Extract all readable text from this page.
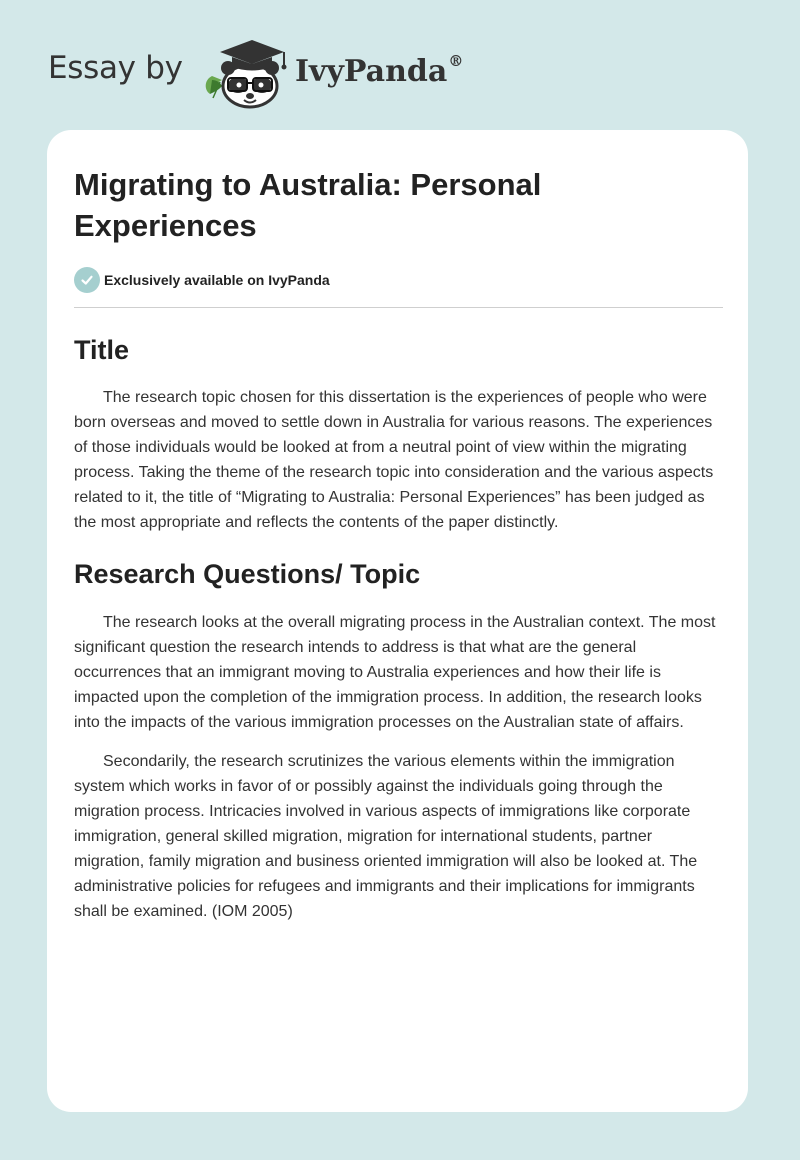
Essay by	IvyPanda®
Migrating to Australia: Personal Experiences
Exclusively available on IvyPanda
Title

The research topic chosen for this dissertation is the experiences of people who were born overseas and moved to settle down in Australia for various reasons. The experiences of those individuals would be looked at from a neutral point of view within the migrating process. Taking the theme of the research topic into consideration and the various aspects related to it, the title of “Migrating to Australia: Personal Experiences” has been judged as the most appropriate and reflects the contents of the paper distinctly.

Research Questions/ Topic

The research looks at the overall migrating process in the Australian context. The most significant question the research intends to address is that what are the general occurrences that an immigrant moving to Australia experiences and how their life is impacted upon the completion of the immigration process. In addition, the research looks into the impacts of the various immigration processes on the Australian state of affairs.

Secondarily, the research scrutinizes the various elements within the immigration system which works in favor of or possibly against the individuals going through the migration process. Intricacies involved in various aspects of immigrations like corporate immigration, general skilled migration, migration for international students, partner migration, family migration and business oriented immigration will also be looked at. The administrative policies for refugees and immigrants and their implications for immigrants shall be examined. (IOM 2005)
